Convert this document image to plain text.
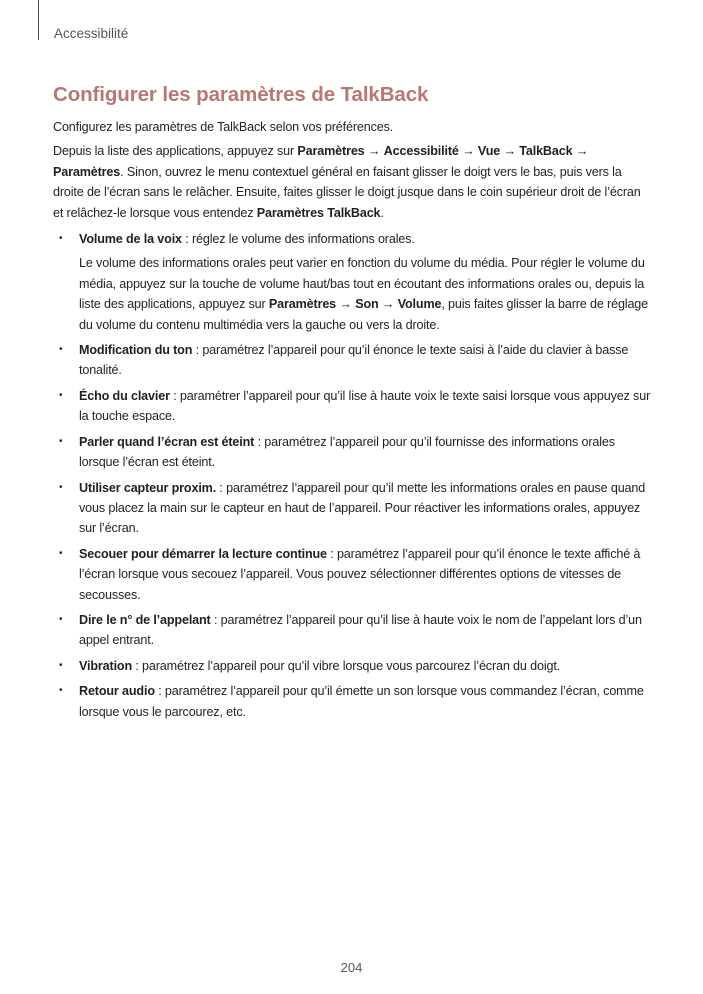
Accessibilité
Configurer les paramètres de TalkBack

Configurez les paramètres de TalkBack selon vos préférences.

Depuis la liste des applications, appuyez sur Paramètres → Accessibilité → Vue → TalkBack → Paramètres. Sinon, ouvrez le menu contextuel général en faisant glisser le doigt vers le bas, puis vers la droite de l’écran sans le relâcher. Ensuite, faites glisser le doigt jusque dans le coin supérieur droit de l’écran et relâchez-le lorsque vous entendez Paramètres TalkBack.

• Volume de la voix : réglez le volume des informations orales.

Le volume des informations orales peut varier en fonction du volume du média. Pour régler le volume du média, appuyez sur la touche de volume haut/bas tout en écoutant des informations orales ou, depuis la liste des applications, appuyez sur Paramètres → Son → Volume, puis faites glisser la barre de réglage du volume du contenu multimédia vers la gauche ou vers la droite.

• Modification du ton : paramétrez l’appareil pour qu’il énonce le texte saisi à l’aide du clavier à basse tonalité.
• Écho du clavier : paramétrer l’appareil pour qu’il lise à haute voix le texte saisi lorsque vous appuyez sur la touche espace.
• Parler quand l’écran est éteint : paramétrez l’appareil pour qu’il fournisse des informations orales lorsque l’écran est éteint.
• Utiliser capteur proxim. : paramétrez l’appareil pour qu’il mette les informations orales en pause quand vous placez la main sur le capteur en haut de l’appareil. Pour réactiver les informations orales, appuyez sur l’écran.
• Secouer pour démarrer la lecture continue : paramétrez l’appareil pour qu’il énonce le texte affiché à l’écran lorsque vous secouez l’appareil. Vous pouvez sélectionner différentes options de vitesses de secousses.
• Dire le n° de l’appelant : paramétrez l’appareil pour qu’il lise à haute voix le nom de l’appelant lors d’un appel entrant.
• Vibration : paramétrez l’appareil pour qu’il vibre lorsque vous parcourez l’écran du doigt.
• Retour audio : paramétrez l’appareil pour qu’il émette un son lorsque vous commandez l’écran, comme lorsque vous le parcourez, etc.
204
